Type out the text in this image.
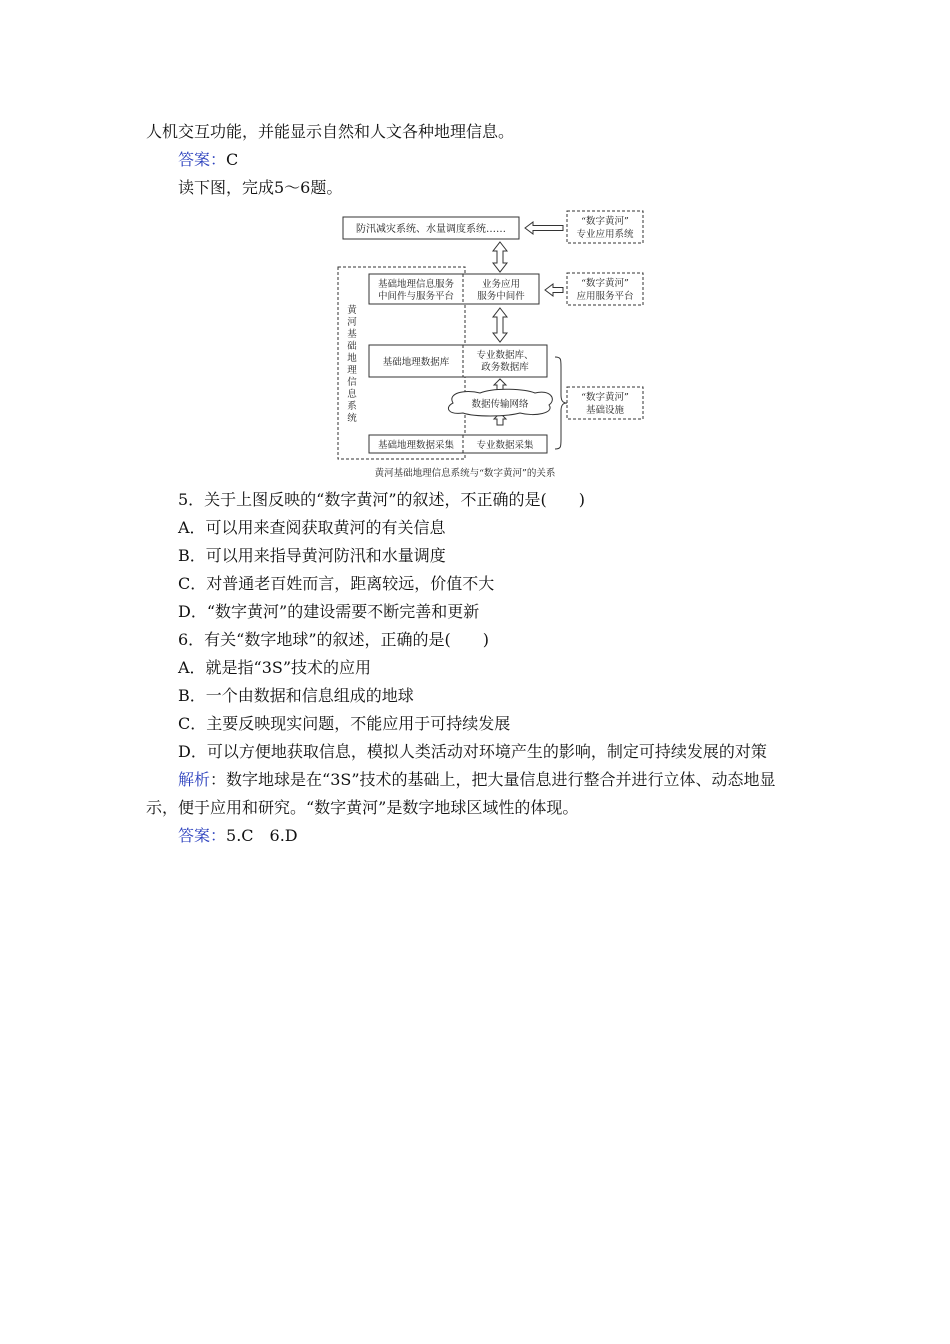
人机交互功能，并能显示自然和人文各种地理信息。
答案：C
读下图，完成5～6题。
防汛减灾系统、水量调度系统……
“数字黄河”
专业应用系统
基础地理信息服务
中间件与服务平台
业务应用
服务中间件
“数字黄河”
应用服务平台
基础地理数据库
专业数据库、
政务数据库
数据传输网络
基础地理数据采集 专业数据采集
“数字黄河”
基础设施
黄
河
基
础
地
理
信
息
系
统
黄河基础地理信息系统与“数字黄河”的关系
5．关于上图反映的“数字黄河”的叙述，不正确的是(　　)
A．可以用来查阅获取黄河的有关信息
B．可以用来指导黄河防汛和水量调度
C．对普通老百姓而言，距离较远，价值不大
D．“数字黄河”的建设需要不断完善和更新
6．有关“数字地球”的叙述，正确的是(　　)
A．就是指“3S”技术的应用
B．一个由数据和信息组成的地球
C．主要反映现实问题，不能应用于可持续发展
D．可以方便地获取信息，模拟人类活动对环境产生的影响，制定可持续发展的对策
解析：数字地球是在“3S”技术的基础上，把大量信息进行整合并进行立体、动态地显
示，便于应用和研究。“数字黄河”是数字地球区域性的体现。
答案：5.C　6.D
